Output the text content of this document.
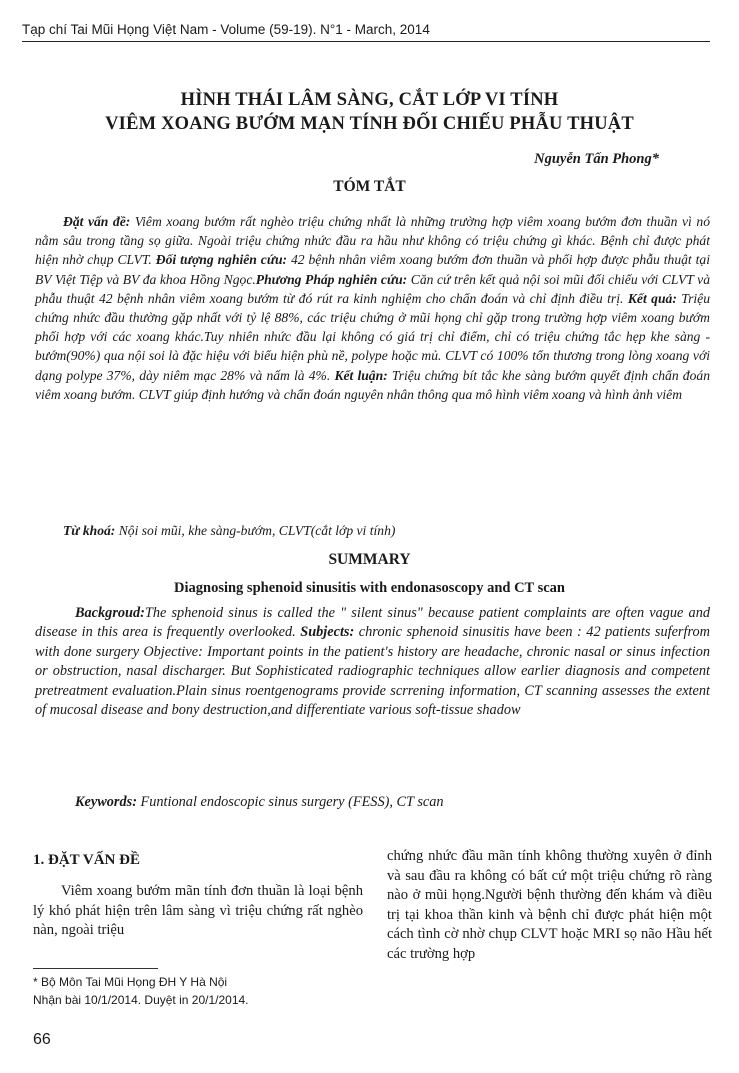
Tạp chí Tai Mũi Họng Việt Nam - Volume (59-19). N°1 - March, 2014
HÌNH THÁI LÂM SÀNG, CẮT LỚP VI TÍNH
VIÊM XOANG BƯỚM MẠN TÍNH ĐỐI CHIẾU PHẪU THUẬT
Nguyễn Tấn Phong*
TÓM TẮT
Đặt vấn đề: Viêm xoang bướm rất nghèo triệu chứng nhất là những trường hợp viêm xoang bướm đơn thuần vì nó nằm sâu trong tầng sọ giữa. Ngoài triệu chứng nhức đầu ra hầu như không có triệu chứng gì khác. Bệnh chỉ được phát hiện nhờ chụp CLVT. Đối tượng nghiên cứu: 42 bệnh nhân viêm xoang bướm đơn thuần và phối hợp được phẫu thuật tại BV Việt Tiệp và BV đa khoa Hồng Ngọc.Phương Pháp nghiên cứu: Căn cứ trên kết quả nội soi mũi đối chiếu với CLVT và phẫu thuật 42 bệnh nhân viêm xoang bướm từ đó rút ra kinh nghiệm cho chẩn đoán và chỉ định điều trị. Kết quả: Triệu chứng nhức đầu thường gặp nhất với tỷ lệ 88%, các triệu chứng ở mũi họng chỉ gặp trong trường hợp viêm xoang bướm phối hợp với các xoang khác.Tuy nhiên nhức đầu lại không có giá trị chỉ điểm, chỉ có triệu chứng tắc hẹp khe sàng -bướm(90%) qua nội soi là đặc hiệu với biểu hiện phù nề, polype hoặc mủ. CLVT có 100% tổn thương trong lòng xoang với dạng polype 37%, dày niêm mạc 28% và nấm là 4%. Kết luận: Triệu chứng bít tắc khe sàng bướm quyết định chẩn đoán viêm xoang bướm. CLVT giúp định hướng và chẩn đoán nguyên nhân thông qua mô hình viêm xoang và hình ảnh viêm
Từ khoá: Nội soi mũi, khe sàng-bướm, CLVT(cắt lớp vi tính)
SUMMARY
Diagnosing sphenoid sinusitis with endonasoscopy and CT scan
Backgroud:The sphenoid sinus is called the " silent sinus" because patient complaints are often vague and disease in this area is frequently overlooked. Subjects: chronic sphenoid sinusitis have been : 42 patients suferfrom with done surgery Objective: Important points in the patient's history are headache, chronic nasal or sinus infection or obstruction, nasal discharger. But Sophisticated radiographic techniques allow earlier diagnosis and competent pretreatment evaluation.Plain sinus roentgenograms provide scrrening information, CT scanning assesses the extent of mucosal disease and bony destruction,and differentiate various soft-tissue shadow
Keywords: Funtional endoscopic sinus surgery (FESS), CT scan
1. ĐẶT VẤN ĐỀ
Viêm xoang bướm mãn tính đơn thuần là loại bệnh lý khó phát hiện trên lâm sàng vì triệu chứng rất nghèo nàn, ngoài triệu
chứng nhức đầu mãn tính không thường xuyên ở đỉnh và sau đầu ra không có bất cứ một triệu chứng rõ ràng nào ở mũi họng.Người bệnh thường đến khám và điều trị tại khoa thần kinh và bệnh chỉ được phát hiện một cách tình cờ nhờ chụp CLVT hoặc MRI sọ não Hầu hết các trường hợp
* Bộ Môn Tai Mũi Họng ĐH Y Hà Nội
Nhận bài 10/1/2014. Duyệt in 20/1/2014.
66
